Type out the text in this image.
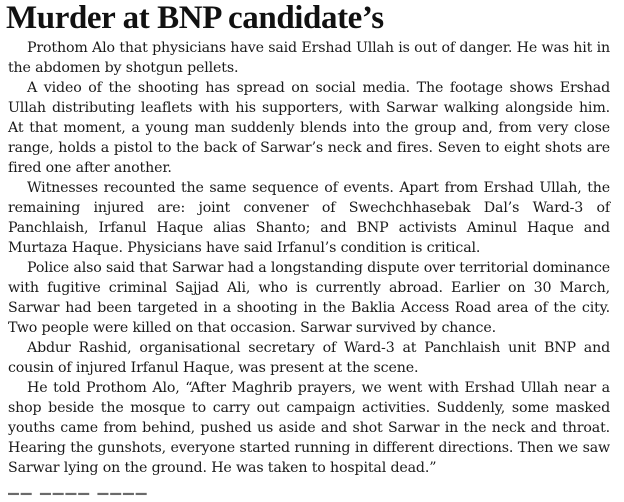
Murder at BNP candidate’s

Prothom Alo that physicians have said Ershad Ullah is out of danger. He was hit in the abdomen by shotgun pellets.

A video of the shooting has spread on social media. The footage shows Ershad Ullah distributing leaflets with his supporters, with Sarwar walking alongside him. At that moment, a young man suddenly blends into the group and, from very close range, holds a pistol to the back of Sarwar’s neck and fires. Seven to eight shots are fired one after another.

Witnesses recounted the same sequence of events. Apart from Ershad Ullah, the remaining injured are: joint convener of Swechchhasebak Dal’s Ward-3 of Panchlaish, Irfanul Haque alias Shanto; and BNP activists Aminul Haque and Murtaza Haque. Physicians have said Irfanul’s condition is critical.

Police also said that Sarwar had a longstanding dispute over territorial dominance with fugitive criminal Sajjad Ali, who is currently abroad. Earlier on 30 March, Sarwar had been targeted in a shooting in the Baklia Access Road area of the city. Two people were killed on that occasion. Sarwar survived by chance.

Abdur Rashid, organisational secretary of Ward-3 at Panchlaish unit BNP and cousin of injured Irfanul Haque, was present at the scene.

He told Prothom Alo, “After Maghrib prayers, we went with Ershad Ullah near a shop beside the mosque to carry out campaign activities. Suddenly, some masked youths came from behind, pushed us aside and shot Sarwar in the neck and throat. Hearing the gunshots, everyone started running in different directions. Then we saw Sarwar lying on the ground. He was taken to hospital dead.”

▔▔ ▔▔▔▔ ▔▔▔▔
